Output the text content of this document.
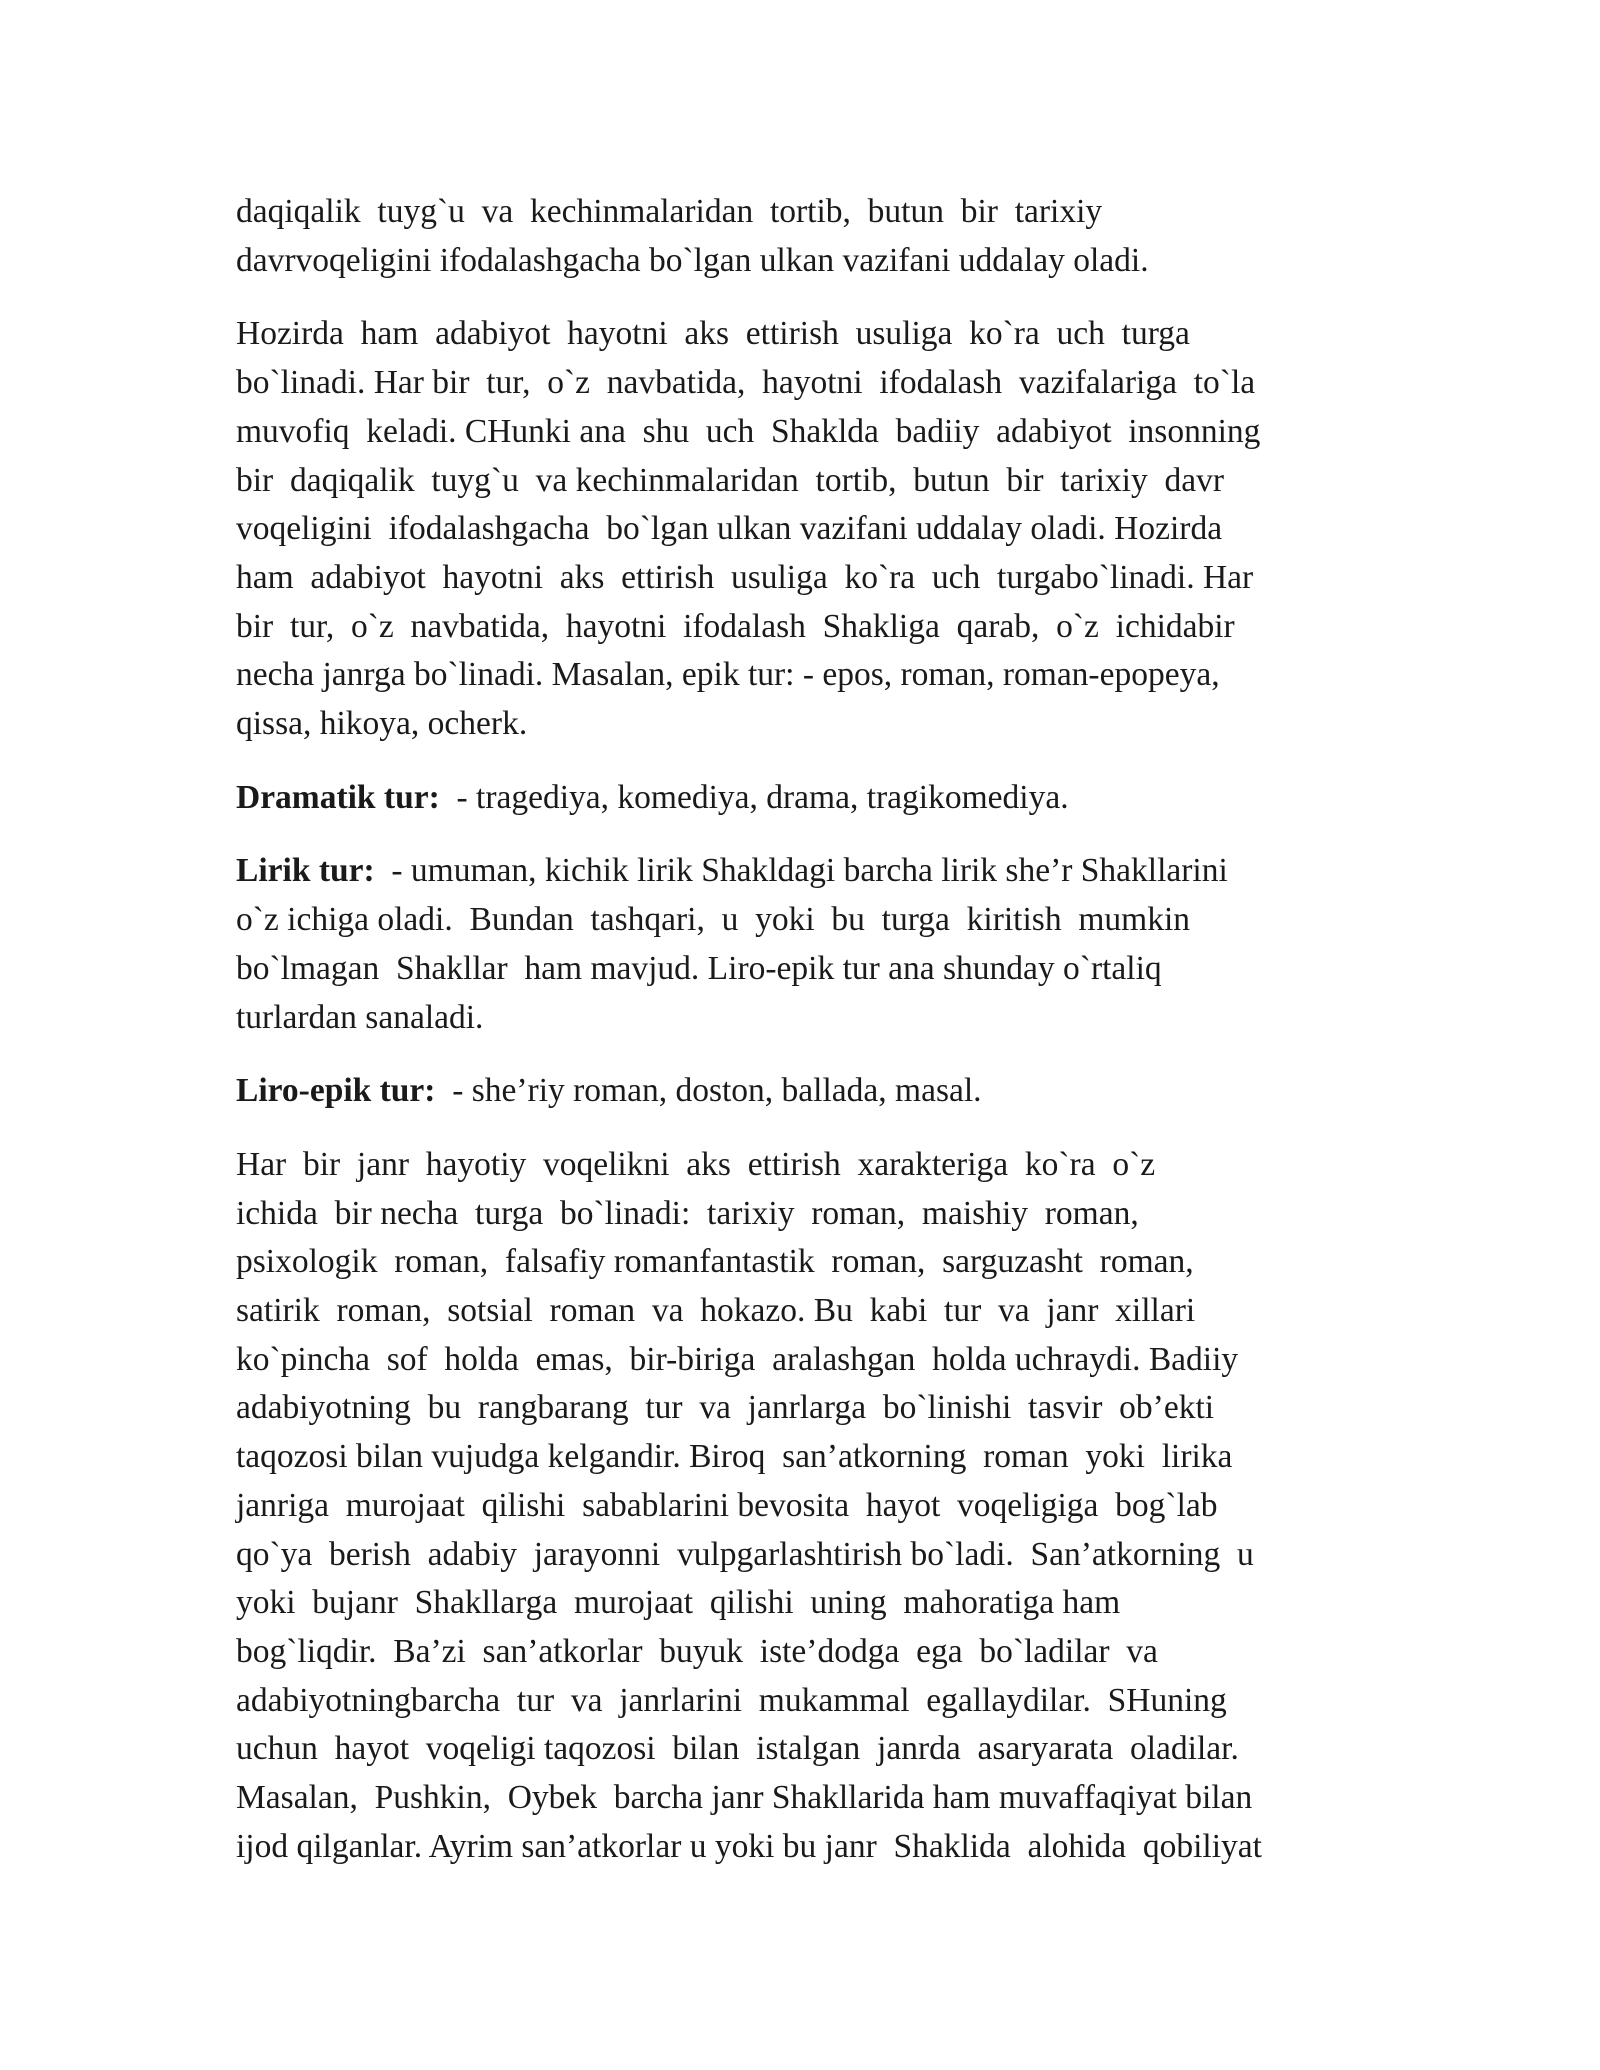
daqiqalik  tuyg`u  va  kechinmalaridan  tortib,  butun  bir  tarixiy
davrvoqeligini ifodalashgacha bo`lgan ulkan vazifani uddalay oladi.

Hozirda  ham  adabiyot  hayotni  aks  ettirish  usuliga  ko`ra  uch  turga
bo`linadi. Har bir  tur,  o`z  navbatida,  hayotni  ifodalash  vazifalariga  to`la
muvofiq  keladi. CHunki ana  shu  uch  Shaklda  badiiy  adabiyot  insonning
bir  daqiqalik  tuyg`u  va kechinmalaridan  tortib,  butun  bir  tarixiy  davr
voqeligini  ifodalashgacha  bo`lgan ulkan vazifani uddalay oladi. Hozirda
ham  adabiyot  hayotni  aks  ettirish  usuliga  ko`ra  uch  turgabo`linadi. Har
bir  tur,  o`z  navbatida,  hayotni  ifodalash  Shakliga  qarab,  o`z  ichidabir
necha janrga bo`linadi. Masalan, epik tur: - epos, roman, roman-epopeya,
qissa, hikoya, ocherk.

Dramatik tur:  - tragediya, komediya, drama, tragikomediya.

Lirik tur:  - umuman, kichik lirik Shakldagi barcha lirik she’r Shakllarini
o`z ichiga oladi.  Bundan  tashqari,  u  yoki  bu  turga  kiritish  mumkin
bo`lmagan  Shakllar  ham mavjud. Liro-epik tur ana shunday o`rtaliq
turlardan sanaladi.

Liro-epik tur:  - she’riy roman, doston, ballada, masal.

Har  bir  janr  hayotiy  voqelikni  aks  ettirish  xarakteriga  ko`ra  o`z
ichida  bir necha  turga  bo`linadi:  tarixiy  roman,  maishiy  roman,
psixologik  roman,  falsafiy romanfantastik  roman,  sarguzasht  roman,
satirik  roman,  sotsial  roman  va  hokazo. Bu  kabi  tur  va  janr  xillari
ko`pincha  sof  holda  emas,  bir-biriga  aralashgan  holda uchraydi. Badiiy
adabiyotning  bu  rangbarang  tur  va  janrlarga  bo`linishi  tasvir  ob’ekti
taqozosi bilan vujudga kelgandir. Biroq  san’atkorning  roman  yoki  lirika
janriga  murojaat  qilishi  sabablarini bevosita  hayot  voqeligiga  bog`lab
qo`ya  berish  adabiy  jarayonni  vulpgarlashtirish bo`ladi.  San’atkorning  u
yoki  bujanr  Shakllarga  murojaat  qilishi  uning  mahoratiga ham
bog`liqdir.  Ba’zi  san’atkorlar  buyuk  iste’dodga  ega  bo`ladilar  va
adabiyotningbarcha  tur  va  janrlarini  mukammal  egallaydilar.  SHuning
uchun  hayot  voqeligi taqozosi  bilan  istalgan  janrda  asaryarata  oladilar.
Masalan,  Pushkin,  Oybek  barcha janr Shakllarida ham muvaffaqiyat bilan
ijod qilganlar. Ayrim san’atkorlar u yoki bu janr  Shaklida  alohida  qobiliyat
